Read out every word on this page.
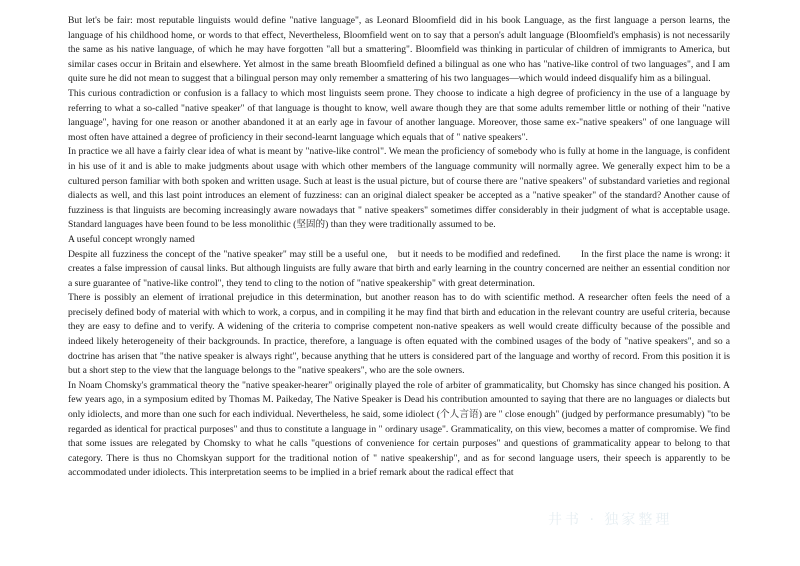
But let's be fair: most reputable linguists would define "native language", as Leonard Bloomfield did in his book Language, as the first language a person learns, the language of his childhood home, or words to that effect, Nevertheless, Bloomfield went on to say that a person's adult language (Bloomfield's emphasis) is not necessarily the same as his native language, of which he may have forgotten "all but a smattering". Bloomfield was thinking in particular of children of immigrants to America, but similar cases occur in Britain and elsewhere. Yet almost in the same breath Bloomfield defined a bilingual as one who has "native-like control of two languages", and I am quite sure he did not mean to suggest that a bilingual person may only remember a smattering of his two languages—which would indeed disqualify him as a bilingual.

This curious contradiction or confusion is a fallacy to which most linguists seem prone. They choose to indicate a high degree of proficiency in the use of a language by referring to what a so-called "native speaker" of that language is thought to know, well aware though they are that some adults remember little or nothing of their "native language", having for one reason or another abandoned it at an early age in favour of another language. Moreover, those same ex-"native speakers" of one language will most often have attained a degree of proficiency in their second-learnt language which equals that of " native speakers".

In practice we all have a fairly clear idea of what is meant by "native-like control". We mean the proficiency of somebody who is fully at home in the language, is confident in his use of it and is able to make judgments about usage with which other members of the language community will normally agree. We generally expect him to be a cultured person familiar with both spoken and written usage. Such at least is the usual picture, but of course there are "native speakers" of substandard varieties and regional dialects as well, and this last point introduces an element of fuzziness: can an original dialect speaker be accepted as a "native speaker" of the standard? Another cause of fuzziness is that linguists are becoming increasingly aware nowadays that " native speakers" sometimes differ considerably in their judgment of what is acceptable usage. Standard languages have been found to be less monolithic (坚固的) than they were traditionally assumed to be.

A useful concept wrongly named

Despite all fuzziness the concept of the "native speaker" may still be a useful one,　but it needs to be modified and redefined.　　In the first place the name is wrong: it creates a false impression of causal links. But although linguists are fully aware that birth and early learning in the country concerned are neither an essential condition nor a sure guarantee of "native-like control", they tend to cling to the notion of "native speakership" with great determination.

There is possibly an element of irrational prejudice in this determination, but another reason has to do with scientific method. A researcher often feels the need of a precisely defined body of material with which to work, a corpus, and in compiling it he may find that birth and education in the relevant country are useful criteria, because they are easy to define and to verify. A widening of the criteria to comprise competent non-native speakers as well would create difficulty because of the possible and indeed likely heterogeneity of their backgrounds. In practice, therefore, a language is often equated with the combined usages of the body of "native speakers", and so a doctrine has arisen that "the native speaker is always right", because anything that he utters is considered part of the language and worthy of record. From this position it is but a short step to the view that the language belongs to the "native speakers", who are the sole owners.

In Noam Chomsky's grammatical theory the "native speaker-hearer" originally played the role of arbiter of grammaticality, but Chomsky has since changed his position. A few years ago, in a symposium edited by Thomas M. Paikeday, The Native Speaker is Dead his contribution amounted to saying that there are no languages or dialects but only idiolects, and more than one such for each individual. Nevertheless, he said, some idiolect (个人言语) are " close enough" (judged by performance presumably) "to be regarded as identical for practical purposes" and thus to constitute a language in " ordinary usage". Grammaticality, on this view, becomes a matter of compromise. We find that some issues are relegated by Chomsky to what he calls "questions of convenience for certain purposes" and questions of grammaticality appear to belong to that category. There is thus no Chomskyan support for the traditional notion of " native speakership", and as for second language users, their speech is apparently to be accommodated under idiolects. This interpretation seems to be implied in a brief remark about the radical effect that

井书 · 独家整理
